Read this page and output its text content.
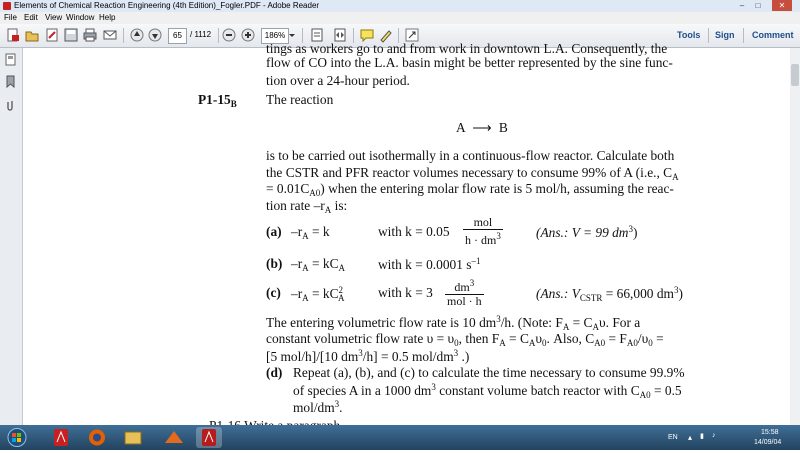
Elements of Chemical Reaction Engineering (4th Edition)_Fogler.PDF - Adobe Reader	–	□	✕
File Edit View Window Help
65	/ 1112	186%	Tools Sign Comment
tings as workers go to and from work in downtown L.A. Consequently, the
flow of CO into the L.A. basin might be better represented by the sine func-
tion over a 24-hour period.
$P1-15_B$ The reaction
A ⟶ B
is to be carried out isothermally in a continuous-flow reactor. Calculate both
the CSTR and PFR reactor volumes necessary to consume 99% of A (i.e., $C_A$
= $0.01C_{A0}$) when the entering molar flow rate is 5 mol/h, assuming the reac-
tion rate $-r_A$ is:
(a) $-r_A = k$	with $k = 0.05 \frac{\text{mol}}{h \cdot dm^3} (Ans$.: V = 99 $dm^3$)
(b) $-r_A = kC_A$ with k = 0.0001 $s^{-1}$
(c) $-r_A = kC^2_A$ with $k = 3 \frac{dm^3}{\text{mol · h}}$	(Ans.: $V_{CSTR} = 66,000$ $dm^3$)
The entering volumetric flow rate is 10 $dm^3/h$. (Note: $F_A = C_A\upsilon$. For a
constant volumetric flow rate $\upsilon = \upsilon_0$, then $F_A = C_A\upsilon_0$. Also, $C_{A0} = F_{A0}/\upsilon_0$ =
[5 mol/h]/[10 $dm^3/h] = 0.5$ mol/$dm^3$ .)
(d) Repeat (a), (b), and (c) to calculate the time necessary to consume 99.9%
of species A in a 1000 $dm^3$ constant volume batch reactor with $C_{A0} = 0.5$
mol/$dm^3$.
EN ▴ ▮ ♪	15:58
14/09/04
